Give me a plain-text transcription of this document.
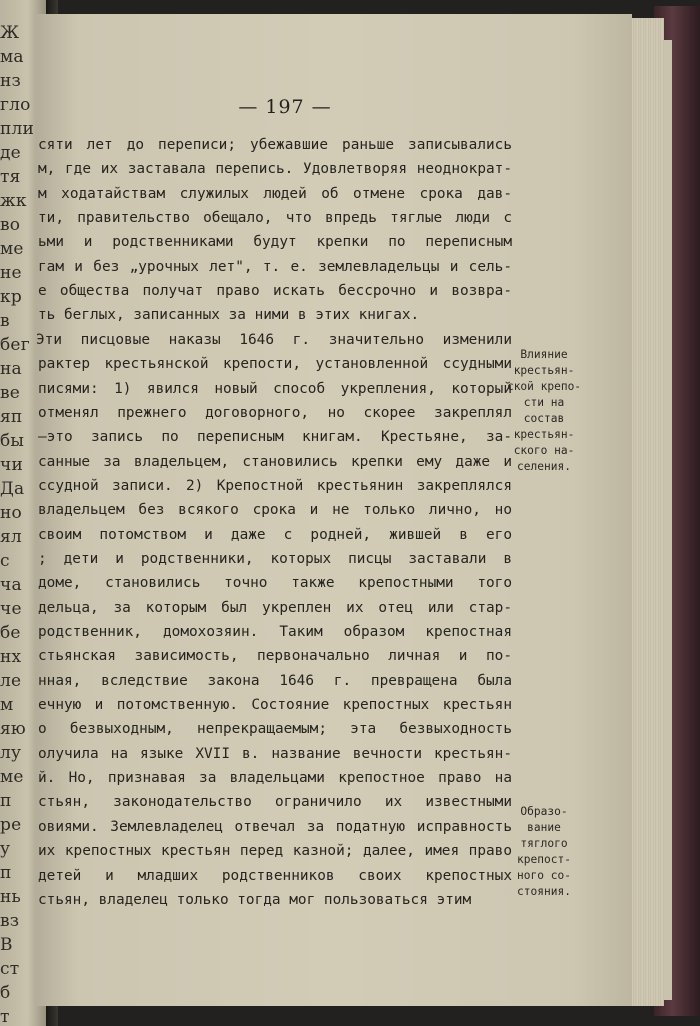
Ж
ма
нз
гло
пли
де
тя
жк
во
ме
не
кр
в
бег
на
ве
яп
бы
чи
Да
но
ял
с
ча
че
бе
нх
ле
м
яю
лу
ме
п
ре
у
п
нь
вз
В
ст
б
т
— 197 —
сяти лет до переписи; убежавшие раньше записывались
м, где их заставала перепись. Удовлетворяя неоднократ-
м ходатайствам служилых людей об отмене срока дав-
ти, правительство обещало, что впредь тяглые люди с
ьми и родственниками будут крепки по переписным
гам и без „урочных лет", т. е. землевладельцы и сель-
е общества получат право искать бессрочно и возвра-
ть беглых, записанных за ними в этих книгах.
Эти писцовые наказы 1646 г. значительно изменили
рактер крестьянской крепости, установленной ссудными
писями: 1) явился новый способ укрепления, который
отменял прежнего договорного, но скорее закреплял
—это запись по переписным книгам. Крестьяне, за-
санные за владельцем, становились крепки ему даже и
ссудной записи. 2) Крепостной крестьянин закреплялся
владельцем без всякого срока и не только лично, но
своим потомством и даже с родней, жившей в его
; дети и родственники, которых писцы заставали в
доме, становились точно также крепостными того
дельца, за которым был укреплен их отец или стар-
родственник, домохозяин. Таким образом крепостная
стьянская зависимость, первоначально личная и по-
нная, вследствие закона 1646 г. превращена была
ечную и потомственную. Состояние крепостных крестьян
о безвыходным, непрекращаемым; эта безвыходность
олучила на языке XVII в. название вечности крестьян-
й. Но, признавая за владельцами крепостное право на
стьян, законодательство ограничило их известными
овиями. Землевладелец отвечал за податную исправность
их крепостных крестьян перед казной; далее, имея право
детей и младших родственников своих крепостных
стьян, владелец только тогда мог пользоваться этим
Влияние
крестьян-
ской крепо-
сти на
состав
крестьян-
ского на-
селения.
Образо-
вание
тяглого
крепост-
ного со-
стояния.
